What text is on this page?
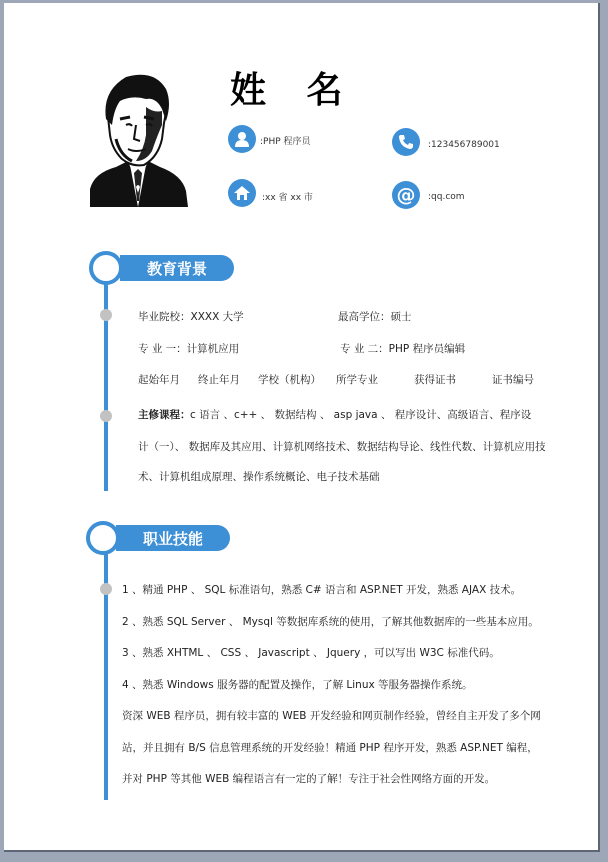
姓 名
:PHP 程序员	:123456789001
:xx 省 xx 市	@ :qq.com
教育背景
毕业院校：XXXX 大学	最高学位：硕士
专 业 一：计算机应用	专 业 二：PHP 程序员编辑
起始年月 终止年月 学校（机构） 所学专业	获得证书	证书编号
主修课程： c 语言 、c++ 、 数据结构 、 asp java 、 程序设计、高级语言、程序设
计（一）、 数据库及其应用、计算机网络技术、数据结构导论、线性代数、计算机应用技
术、计算机组成原理、操作系统概论、电子技术基础
职业技能
1 、精通 PHP 、 SQL 标准语句，熟悉 C# 语言和 ASP.NET 开发，熟悉 AJAX 技术。
2 、熟悉 SQL Server 、 Mysql 等数据库系统的使用，了解其他数据库的一些基本应用。
3 、熟悉 XHTML 、 CSS 、 Javascript 、 Jquery ，可以写出 W3C 标准代码。
4 、熟悉 Windows 服务器的配置及操作，了解 Linux 等服务器操作系统。
资深 WEB 程序员，拥有较丰富的 WEB 开发经验和网页制作经验，曾经自主开发了多个网
站，并且拥有 B/S 信息管理系统的开发经验！精通 PHP 程序开发，熟悉 ASP.NET 编程，
并对 PHP 等其他 WEB 编程语言有一定的了解！专注于社会性网络方面的开发。
